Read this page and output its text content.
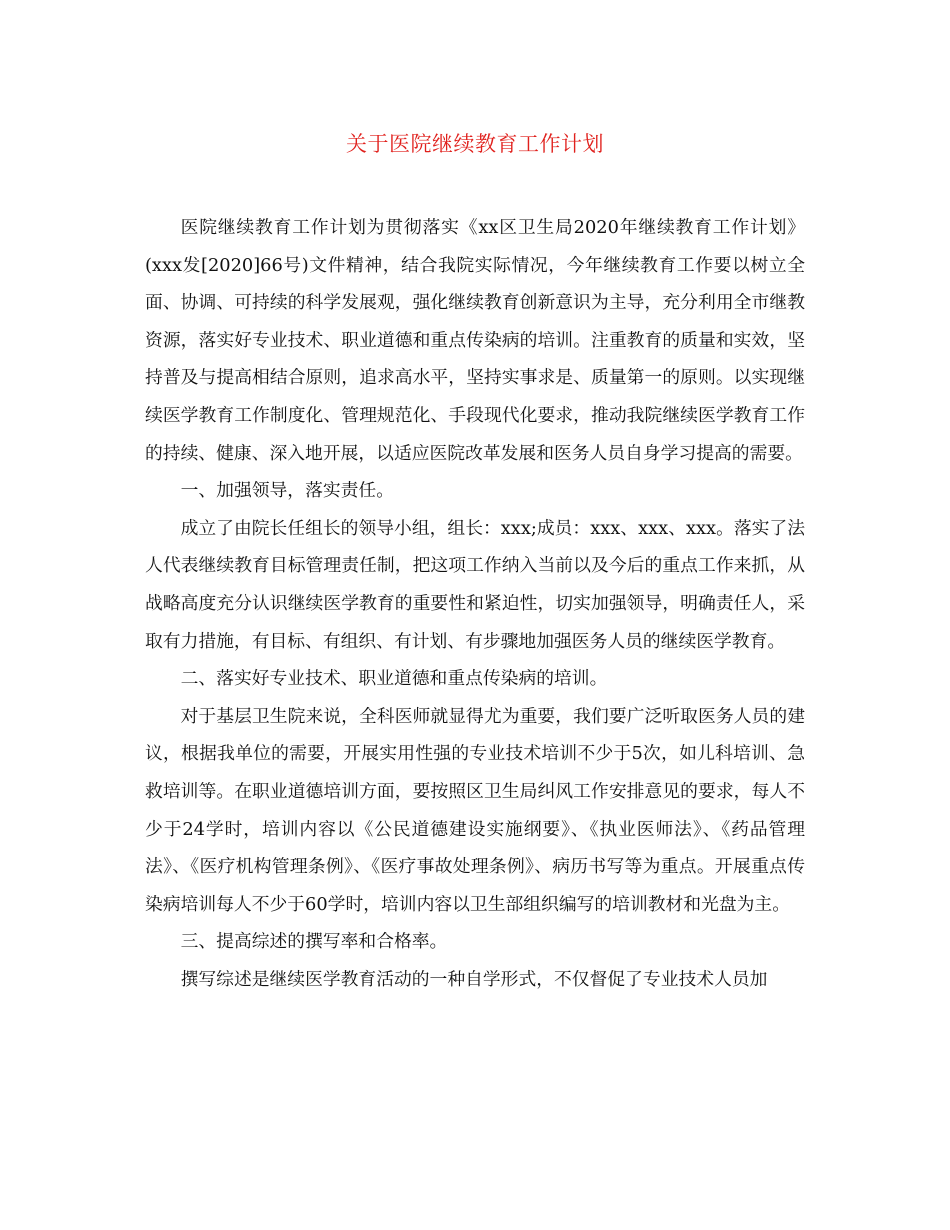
关于医院继续教育工作计划

医院继续教育工作计划为贯彻落实《xx区卫生局2020年继续教育工作计划》(xxx发[2020]66号)文件精神，结合我院实际情况，今年继续教育工作要以树立全面、协调、可持续的科学发展观，强化继续教育创新意识为主导，充分利用全市继教资源，落实好专业技术、职业道德和重点传染病的培训。注重教育的质量和实效，坚持普及与提高相结合原则，追求高水平，坚持实事求是、质量第一的原则。以实现继续医学教育工作制度化、管理规范化、手段现代化要求，推动我院继续医学教育工作的持续、健康、深入地开展，以适应医院改革发展和医务人员自身学习提高的需要。

一、加强领导，落实责任。

成立了由院长任组长的领导小组，组长：xxx;成员：xxx、xxx、xxx。落实了法人代表继续教育目标管理责任制，把这项工作纳入当前以及今后的重点工作来抓，从战略高度充分认识继续医学教育的重要性和紧迫性，切实加强领导，明确责任人，采取有力措施，有目标、有组织、有计划、有步骤地加强医务人员的继续医学教育。

二、落实好专业技术、职业道德和重点传染病的培训。

对于基层卫生院来说，全科医师就显得尤为重要，我们要广泛听取医务人员的建议，根据我单位的需要，开展实用性强的专业技术培训不少于5次，如儿科培训、急救培训等。在职业道德培训方面，要按照区卫生局纠风工作安排意见的要求，每人不少于24学时，培训内容以《公民道德建设实施纲要》、《执业医师法》、《药品管理法》、《医疗机构管理条例》、《医疗事故处理条例》、病历书写等为重点。开展重点传染病培训每人不少于60学时，培训内容以卫生部组织编写的培训教材和光盘为主。

三、提高综述的撰写率和合格率。

撰写综述是继续医学教育活动的一种自学形式，不仅督促了专业技术人员加
